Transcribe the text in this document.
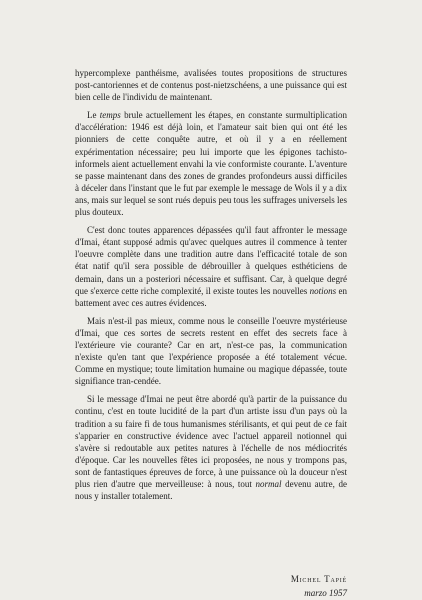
hypercomplexe panthéisme, avalisées toutes propositions de structures post-cantoriennes et de contenus post-nietzschéens, a une puissance qui est bien celle de l'individu de maintenant.

Le temps brule actuellement les étapes, en constante surmultiplication d'accélération: 1946 est déjà loin, et l'amateur sait bien qui ont été les pionniers de cette conquête autre, et où il y a en réellement expérimentation nécessaire; peu lui importe que les épigones tachisto-informels aient actuellement envahi la vie conformiste courante. L'aventure se passe maintenant dans des zones de grandes profondeurs aussi difficiles à déceler dans l'instant que le fut par exemple le message de Wols il y a dix ans, mais sur lequel se sont rués depuis peu tous les suffrages universels les plus douteux.

C'est donc toutes apparences dépassées qu'il faut affronter le message d'Imai, étant supposé admis qu'avec quelques autres il commence à tenter l'oeuvre complète dans une tradition autre dans l'efficacité totale de son état natif qu'il sera possible de débrouiller à quelques esthéticiens de demain, dans un a posteriori nécessaire et suffisant. Car, à quelque degré que s'exerce cette riche complexité, il existe toutes les nouvelles notions en battement avec ces autres évidences.

Mais n'est-il pas mieux, comme nous le conseille l'oeuvre mystérieuse d'Imai, que ces sortes de secrets restent en effet des secrets face à l'extérieure vie courante? Car en art, n'est-ce pas, la communication n'existe qu'en tant que l'expérience proposée a été totalement vécue. Comme en mystique; toute limitation humaine ou magique dépassée, toute signifiance tran-cendée.

Si le message d'Imai ne peut être abordé qu'à partir de la puissance du continu, c'est en toute lucidité de la part d'un artiste issu d'un pays où la tradition a su faire fi de tous humanismes stérilisants, et qui peut de ce fait s'apparier en constructive évidence avec l'actuel appareil notionnel qui s'avère si redoutable aux petites natures à l'échelle de nos médiocrités d'époque. Car les nouvelles fêtes ici proposées, ne nous y trompons pas, sont de fantastiques épreuves de force, à une puissance où la douceur n'est plus rien d'autre que merveilleuse: à nous, tout normal devenu autre, de nous y installer totalement.

Michel Tapié
marzo 1957
